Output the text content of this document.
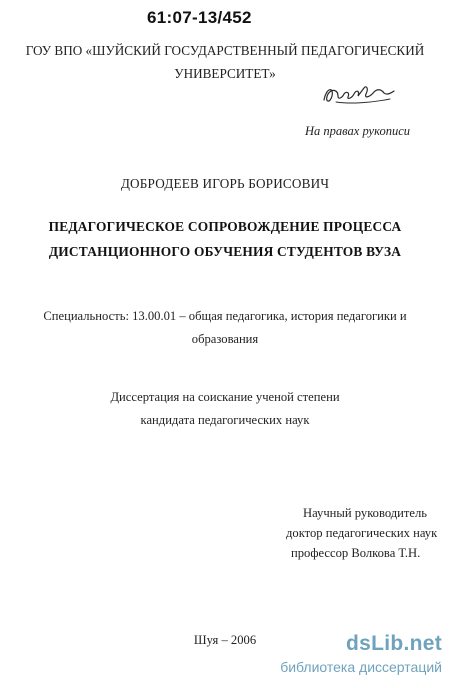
61:07-13/452
ГОУ ВПО «ШУЙСКИЙ ГОСУДАРСТВЕННЫЙ ПЕДАГОГИЧЕСКИЙ
УНИВЕРСИТЕТ»
На правах рукописи
ДОБРОДЕЕВ ИГОРЬ БОРИСОВИЧ
ПЕДАГОГИЧЕСКОЕ СОПРОВОЖДЕНИЕ ПРОЦЕССА
ДИСТАНЦИОННОГО ОБУЧЕНИЯ СТУДЕНТОВ ВУЗА
Специальность: 13.00.01 – общая педагогика, история педагогики и
образования
Диссертация на соискание ученой степени
кандидата педагогических наук
Научный руководитель
доктор педагогических наук
профессор Волкова Т.Н.
Шуя – 2006	dsLib.net
библиотека диссертаций
